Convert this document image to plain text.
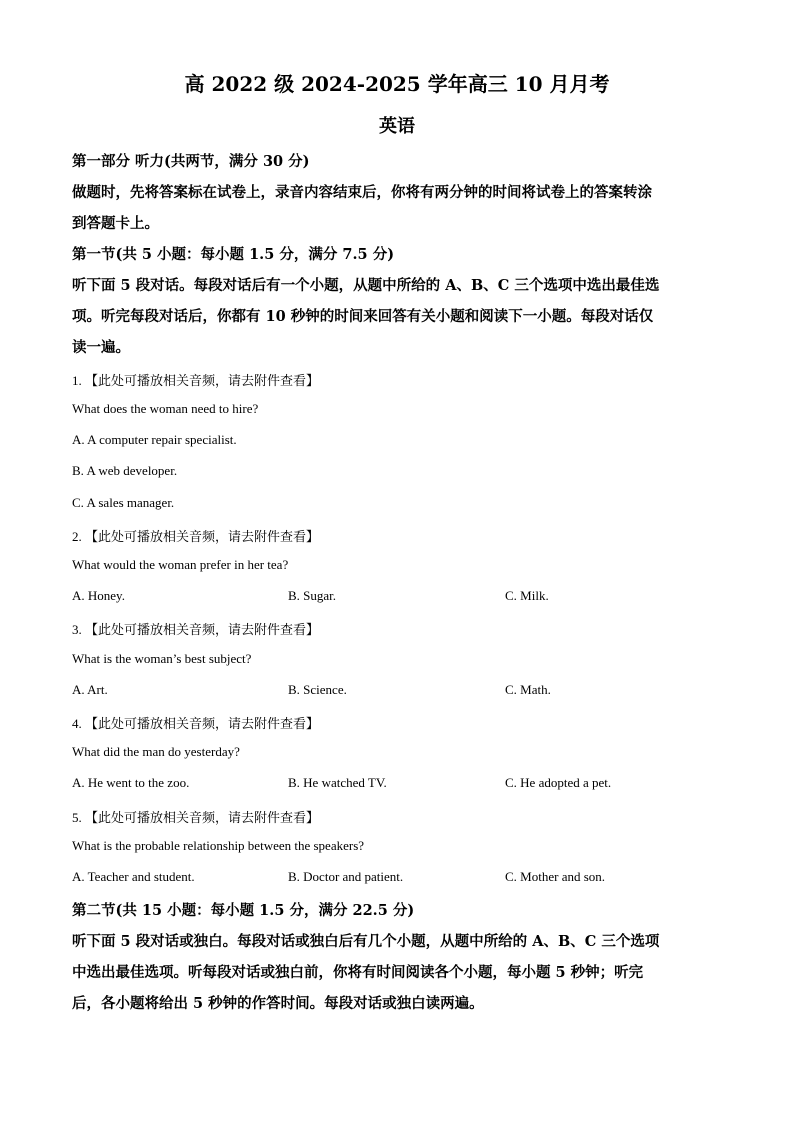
高 2022 级 2024-2025 学年高三 10 月月考
英语
第一部分 听力(共两节，满分 30 分)
做题时，先将答案标在试卷上，录音内容结束后，你将有两分钟的时间将试卷上的答案转涂
到答题卡上。
第一节(共 5 小题：每小题 1.5 分，满分 7.5 分)
听下面 5 段对话。每段对话后有一个小题，从题中所给的 A、B、C 三个选项中选出最佳选
项。听完每段对话后，你都有 10 秒钟的时间来回答有关小题和阅读下一小题。每段对话仅
读一遍。
1. 【此处可播放相关音频，请去附件查看】
What does the woman need to hire?
A. A computer repair specialist.
B. A web developer.
C. A sales manager.
2. 【此处可播放相关音频，请去附件查看】
What would the woman prefer in her tea?
A. Honey.	B. Sugar.	C. Milk.
3. 【此处可播放相关音频，请去附件查看】
What is the woman’s best subject?
A. Art.	B. Science.	C. Math.
4. 【此处可播放相关音频，请去附件查看】
What did the man do yesterday?
A. He went to the zoo.	B. He watched TV.	C. He adopted a pet.
5. 【此处可播放相关音频，请去附件查看】
What is the probable relationship between the speakers?
A. Teacher and student.	B. Doctor and patient.	C. Mother and son.
第二节(共 15 小题：每小题 1.5 分，满分 22.5 分)
听下面 5 段对话或独白。每段对话或独白后有几个小题，从题中所给的 A、B、C 三个选项
中选出最佳选项。听每段对话或独白前，你将有时间阅读各个小题，每小题 5 秒钟；听完
后，各小题将给出 5 秒钟的作答时间。每段对话或独白读两遍。
